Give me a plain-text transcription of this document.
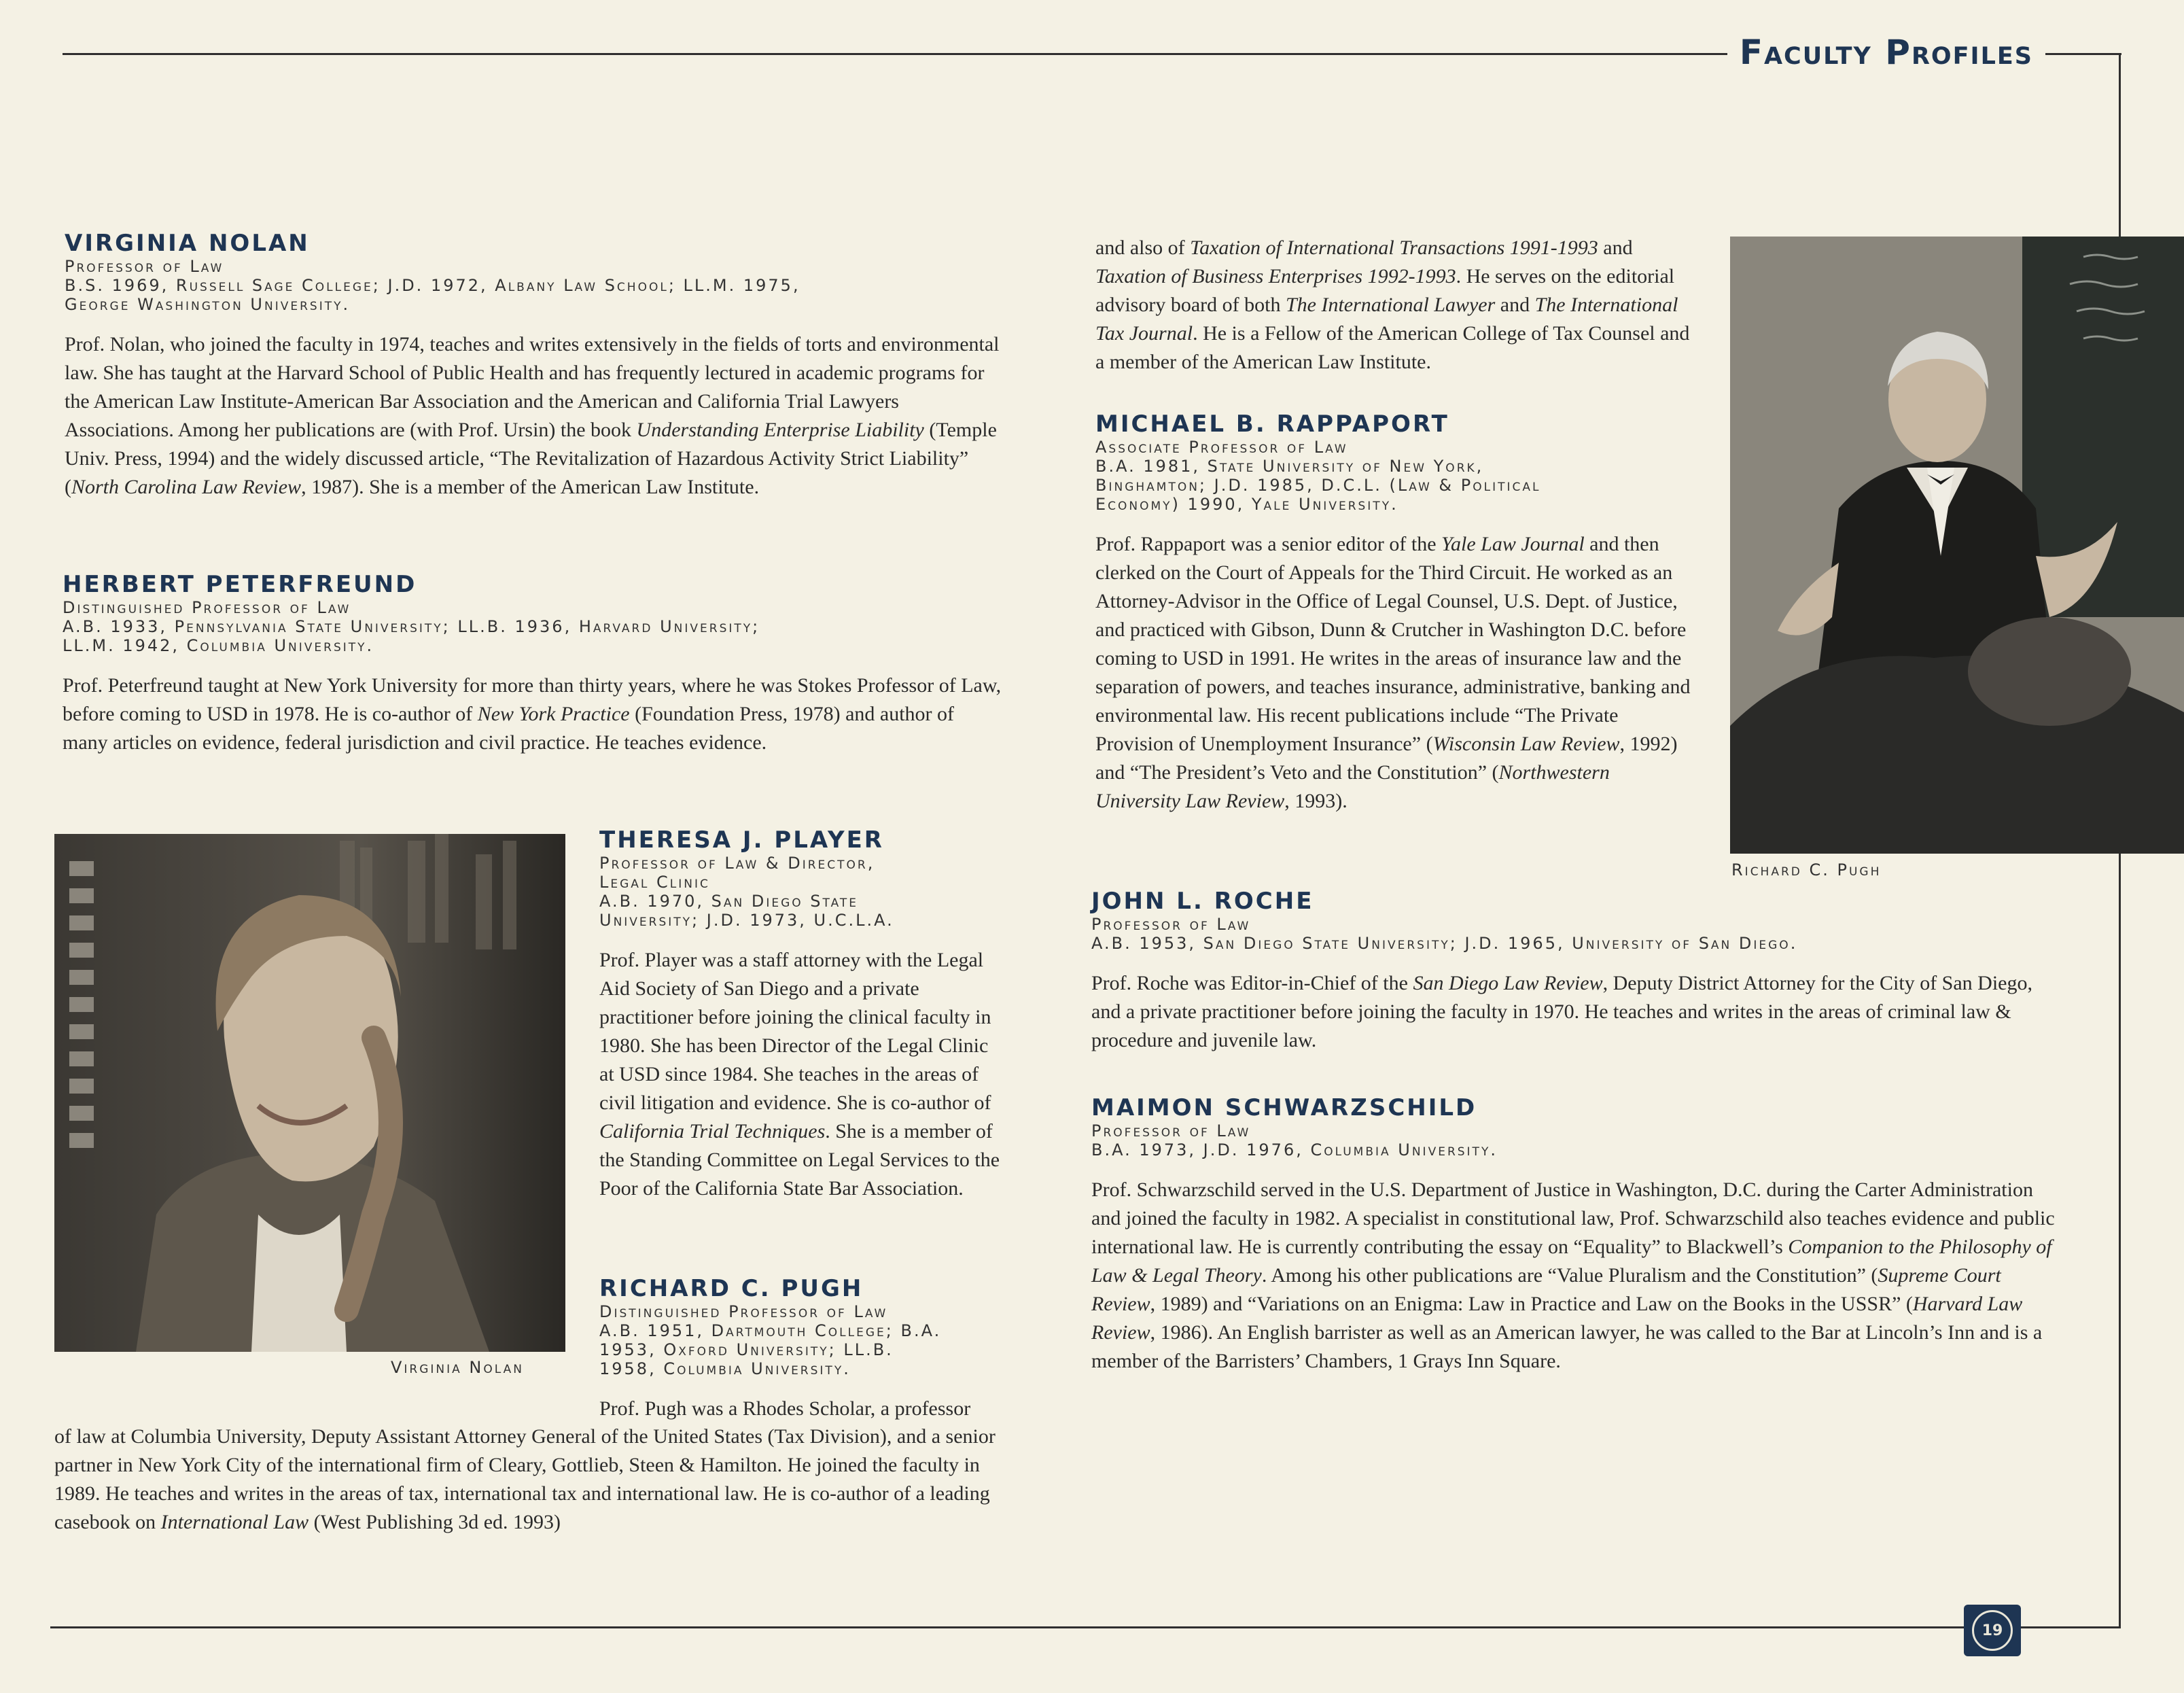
Faculty Profiles
VIRGINIA NOLAN
Professor of Law
B.S. 1969, Russell Sage College; J.D. 1972, Albany Law School; LL.M. 1975,
George Washington University.
Prof. Nolan, who joined the faculty in 1974, teaches and writes extensively in the fields of torts and environmental law. She has taught at the Harvard School of Public Health and has frequently lectured in academic programs for the American Law Institute-American Bar Association and the American and California Trial Lawyers Associations. Among her publications are (with Prof. Ursin) the book Understanding Enterprise Liability (Temple Univ. Press, 1994) and the widely discussed article, “The Revitalization of Hazardous Activity Strict Liability” (North Carolina Law Review, 1987). She is a member of the American Law Institute.
HERBERT PETERFREUND
Distinguished Professor of Law
A.B. 1933, Pennsylvania State University; LL.B. 1936, Harvard University;
LL.M. 1942, Columbia University.
Prof. Peterfreund taught at New York University for more than thirty years, where he was Stokes Professor of Law, before coming to USD in 1978. He is co-author of New York Practice (Foundation Press, 1978) and author of many articles on evidence, federal jurisdiction and civil practice. He teaches evidence.
Virginia Nolan
THERESA J. PLAYER
Professor of Law & Director,
Legal Clinic
A.B. 1970, San Diego State
University; J.D. 1973, U.C.L.A.
Prof. Player was a staff attorney with the Legal Aid Society of San Diego and a private practitioner before joining the clinical faculty in 1980. She has been Director of the Legal Clinic at USD since 1984. She teaches in the areas of civil litigation and evidence. She is co-author of California Trial Techniques. She is a member of the Standing Committee on Legal Services to the Poor of the California State Bar Association.
RICHARD C. PUGH
Distinguished Professor of Law
A.B. 1951, Dartmouth College; B.A.
1953, Oxford University; LL.B.
1958, Columbia University.
Prof. Pugh was a Rhodes Scholar, a professor
of law at Columbia University, Deputy Assistant Attorney General of the United States (Tax Division), and a senior partner in New York City of the international firm of Cleary, Gottlieb, Steen & Hamilton. He joined the faculty in 1989. He teaches and writes in the areas of tax, international tax and international law. He is co-author of a leading casebook on International Law (West Publishing 3d ed. 1993)
and also of Taxation of International Transactions 1991-1993 and Taxation of Business Enterprises 1992-1993. He serves on the editorial advisory board of both The International Lawyer and The International Tax Journal. He is a Fellow of the American College of Tax Counsel and a member of the American Law Institute.
MICHAEL B. RAPPAPORT
Associate Professor of Law
B.A. 1981, State University of New York,
Binghamton; J.D. 1985, D.C.L. (Law & Political
Economy) 1990, Yale University.
Prof. Rappaport was a senior editor of the Yale Law Journal and then clerked on the Court of Appeals for the Third Circuit. He worked as an Attorney-Advisor in the Office of Legal Counsel, U.S. Dept. of Justice, and practiced with Gibson, Dunn & Crutcher in Washington D.C. before coming to USD in 1991. He writes in the areas of insurance law and the separation of powers, and teaches insurance, administrative, banking and environmental law. His recent publications include “The Private Provision of Unemployment Insurance” (Wisconsin Law Review, 1992) and “The President’s Veto and the Constitution” (Northwestern University Law Review, 1993).
Richard C. Pugh
JOHN L. ROCHE
Professor of Law
A.B. 1953, San Diego State University; J.D. 1965, University of San Diego.
Prof. Roche was Editor-in-Chief of the San Diego Law Review, Deputy District Attorney for the City of San Diego, and a private practitioner before joining the faculty in 1970. He teaches and writes in the areas of criminal law & procedure and juvenile law.
MAIMON SCHWARZSCHILD
Professor of Law
B.A. 1973, J.D. 1976, Columbia University.
Prof. Schwarzschild served in the U.S. Department of Justice in Washington, D.C. during the Carter Administration and joined the faculty in 1982. A specialist in constitutional law, Prof. Schwarzschild also teaches evidence and public international law. He is currently contributing the essay on “Equality” to Blackwell’s Companion to the Philosophy of Law & Legal Theory. Among his other publications are “Value Pluralism and the Constitution” (Supreme Court Review, 1989) and “Variations on an Enigma: Law in Practice and Law on the Books in the USSR” (Harvard Law Review, 1986). An English barrister as well as an American lawyer, he was called to the Bar at Lincoln’s Inn and is a member of the Barristers’ Chambers, 1 Grays Inn Square.
19
